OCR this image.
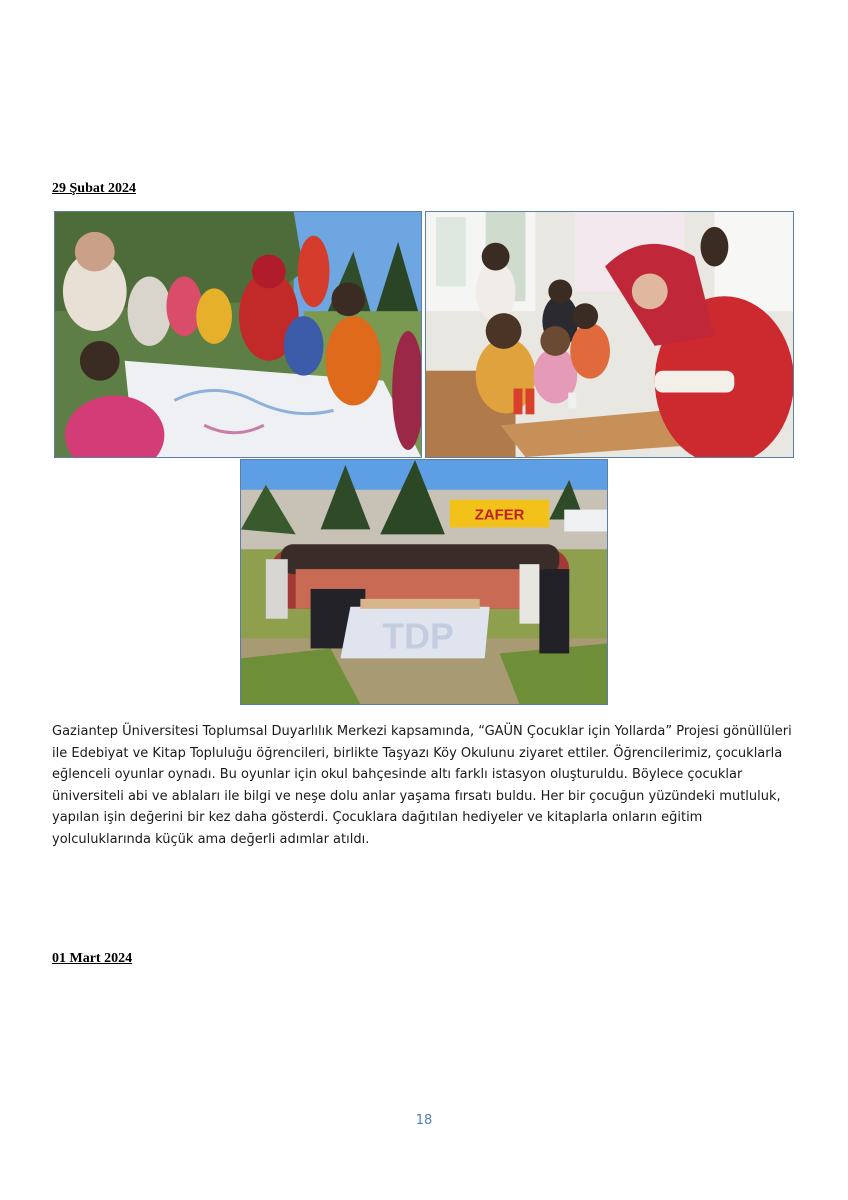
29 Şubat 2024
ZAFER
TDP
Gaziantep Üniversitesi Toplumsal Duyarlılık Merkezi kapsamında, “GAÜN Çocuklar için Yollarda” Projesi gönüllüleri ile Edebiyat ve Kitap Topluluğu öğrencileri, birlikte Taşyazı Köy Okulunu ziyaret ettiler. Öğrencilerimiz, çocuklarla eğlenceli oyunlar oynadı. Bu oyunlar için okul bahçesinde altı farklı istasyon oluşturuldu. Böylece çocuklar üniversiteli abi ve ablaları ile bilgi ve neşe dolu anlar yaşama fırsatı buldu. Her bir çocuğun yüzündeki mutluluk, yapılan işin değerini bir kez daha gösterdi. Çocuklara dağıtılan hediyeler ve kitaplarla onların eğitim yolculuklarında küçük ama değerli adımlar atıldı.
01 Mart 2024
18
